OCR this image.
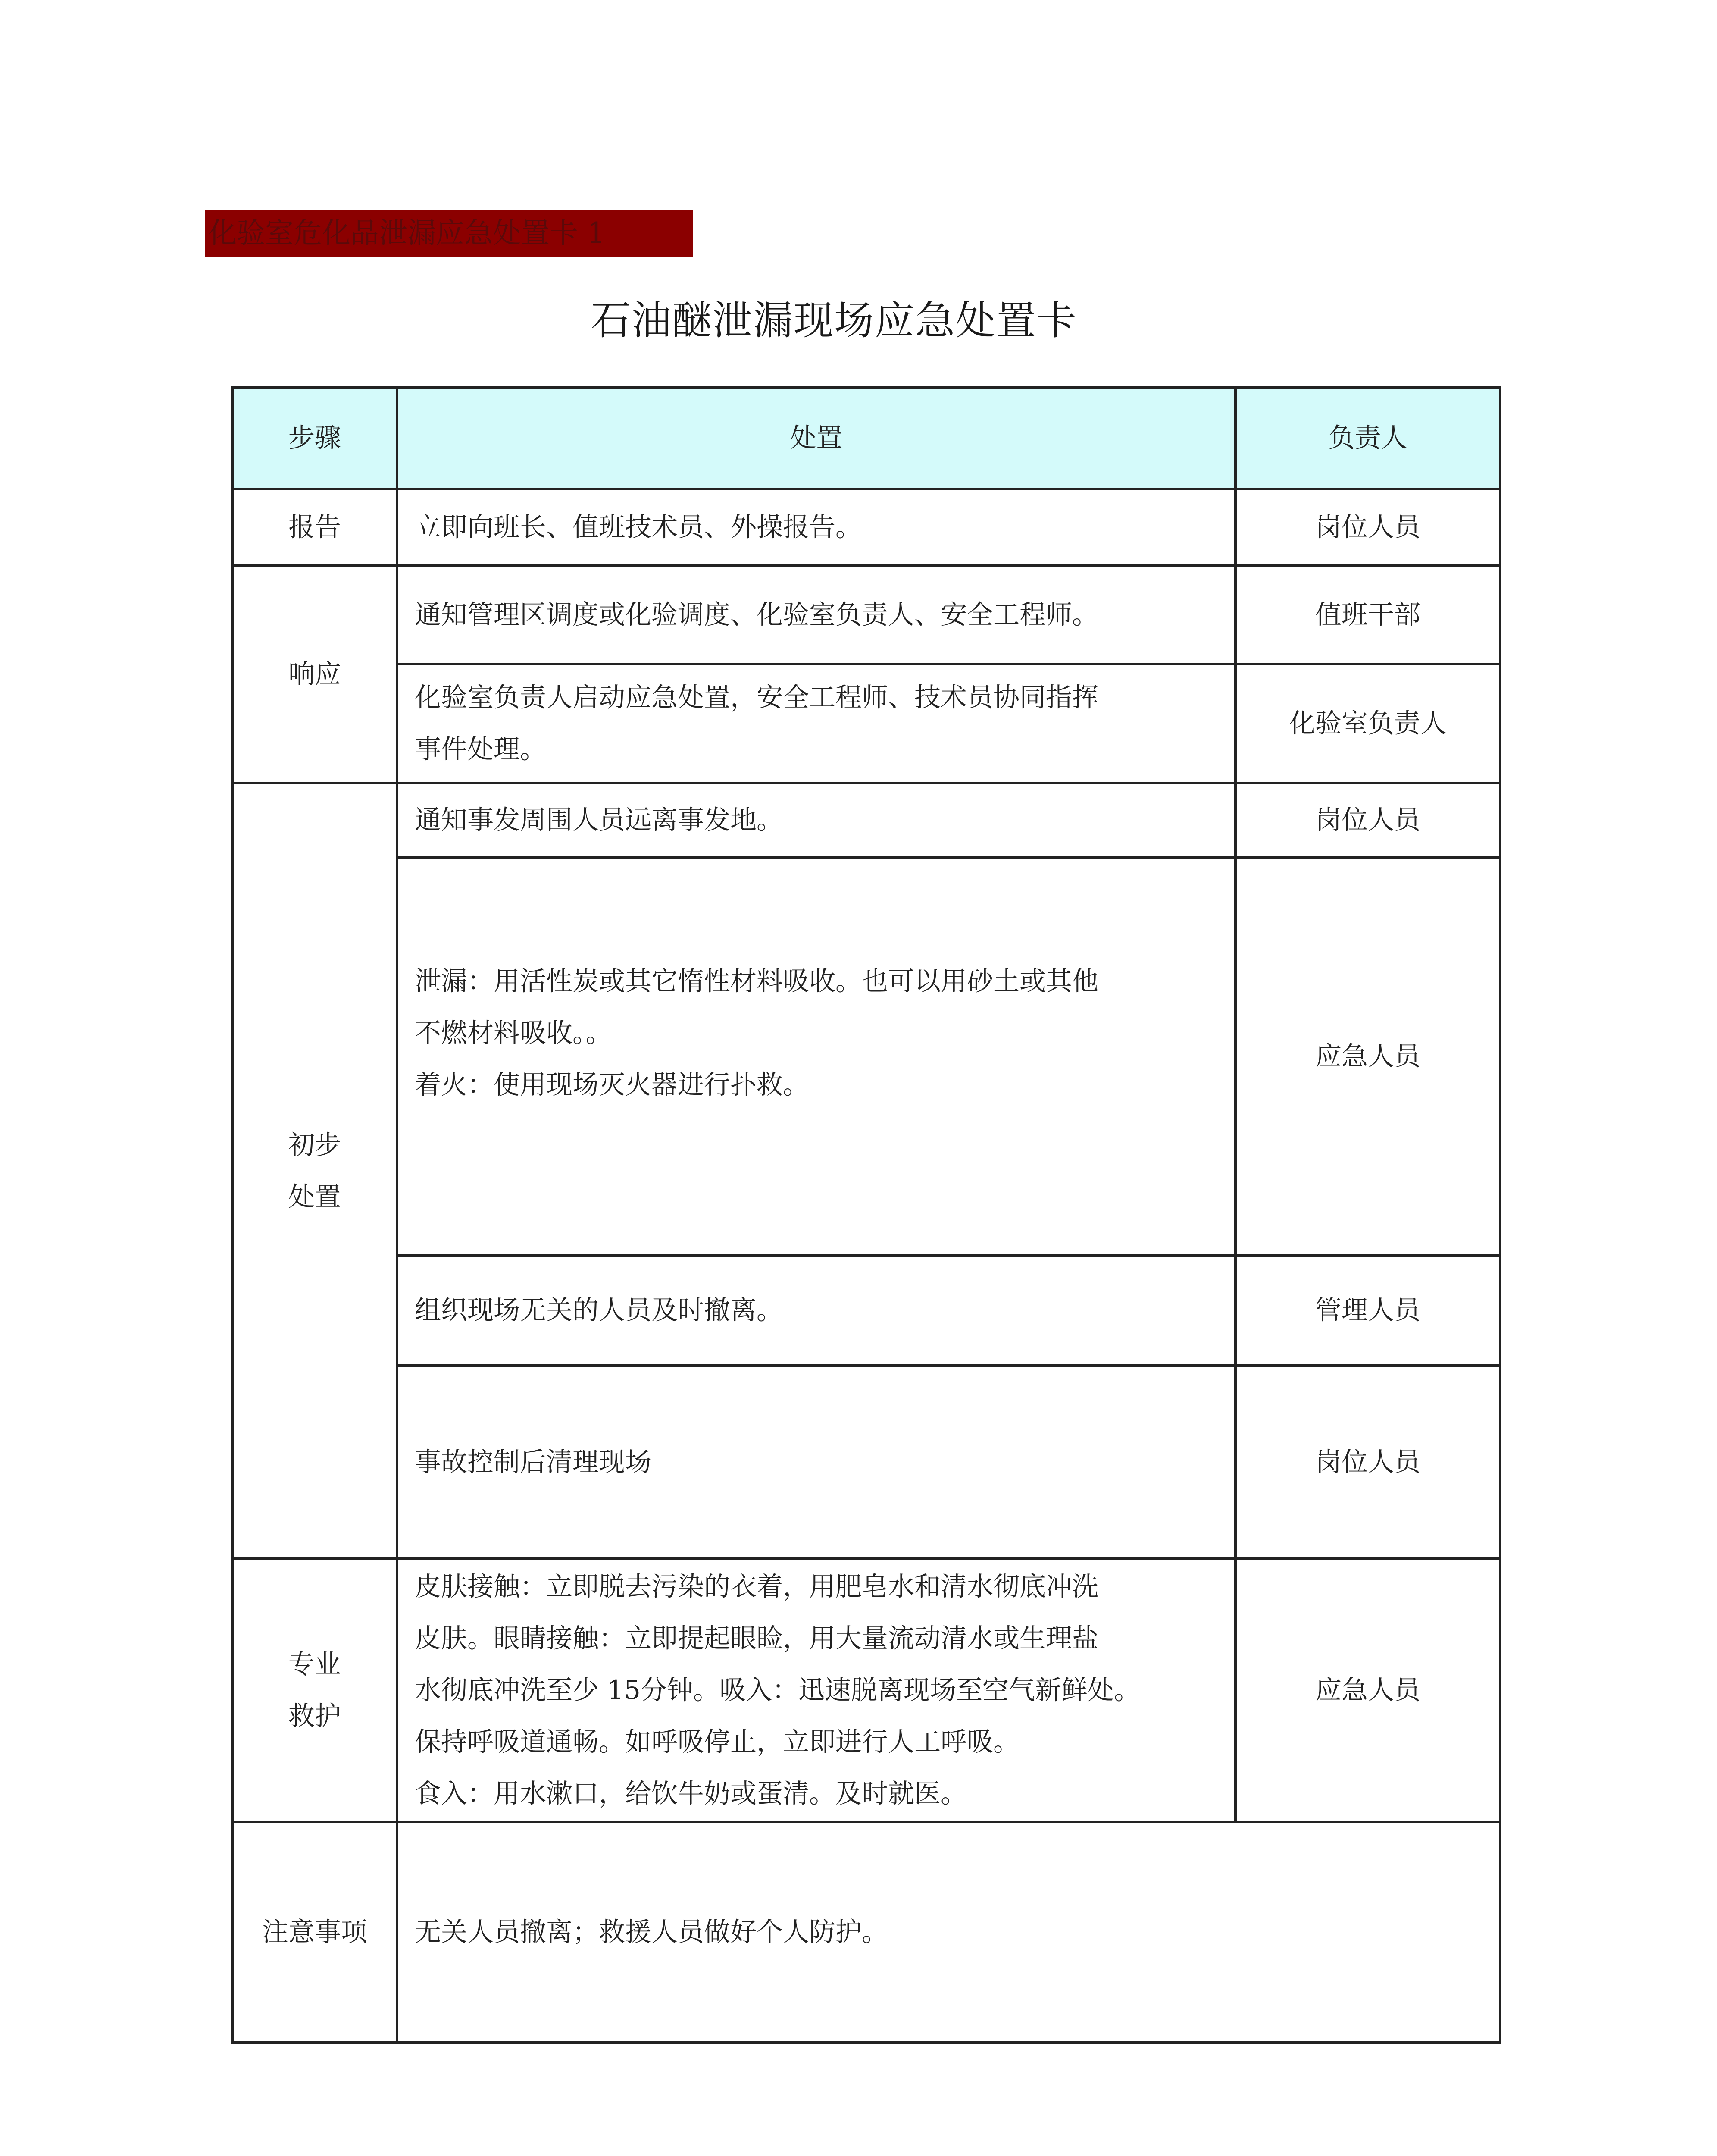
化验室危化品泄漏应急处置卡 1
石油醚泄漏现场应急处置卡
步骤	处置	负责人
报告	立即向班长、值班技术员、外操报告。	岗位人员
响应	通知管理区调度或化验调度、化验室负责人、安全工程师。	值班干部

	化验室负责人启动应急处置，安全工程师、技术员协同指挥
事件处理。	化验室负责人

初步
处置	通知事发周围人员远离事发地。	岗位人员

	泄漏：用活性炭或其它惰性材料吸收。也可以用砂土或其他
不燃材料吸收。。
着火：使用现场灭火器进行扑救。	应急人员
	组织现场无关的人员及时撤离。	管理人员
	事故控制后清理现场	岗位人员

专业
救护	皮肤接触：立即脱去污染的衣着，用肥皂水和清水彻底冲洗
皮肤。眼睛接触：立即提起眼睑，用大量流动清水或生理盐
水彻底冲洗至少 15分钟。吸入：迅速脱离现场至空气新鲜处。
保持呼吸道通畅。如呼吸停止，立即进行人工呼吸。
食入：用水漱口，给饮牛奶或蛋清。及时就医。	应急人员
注意事项	无关人员撤离；救援人员做好个人防护。	
